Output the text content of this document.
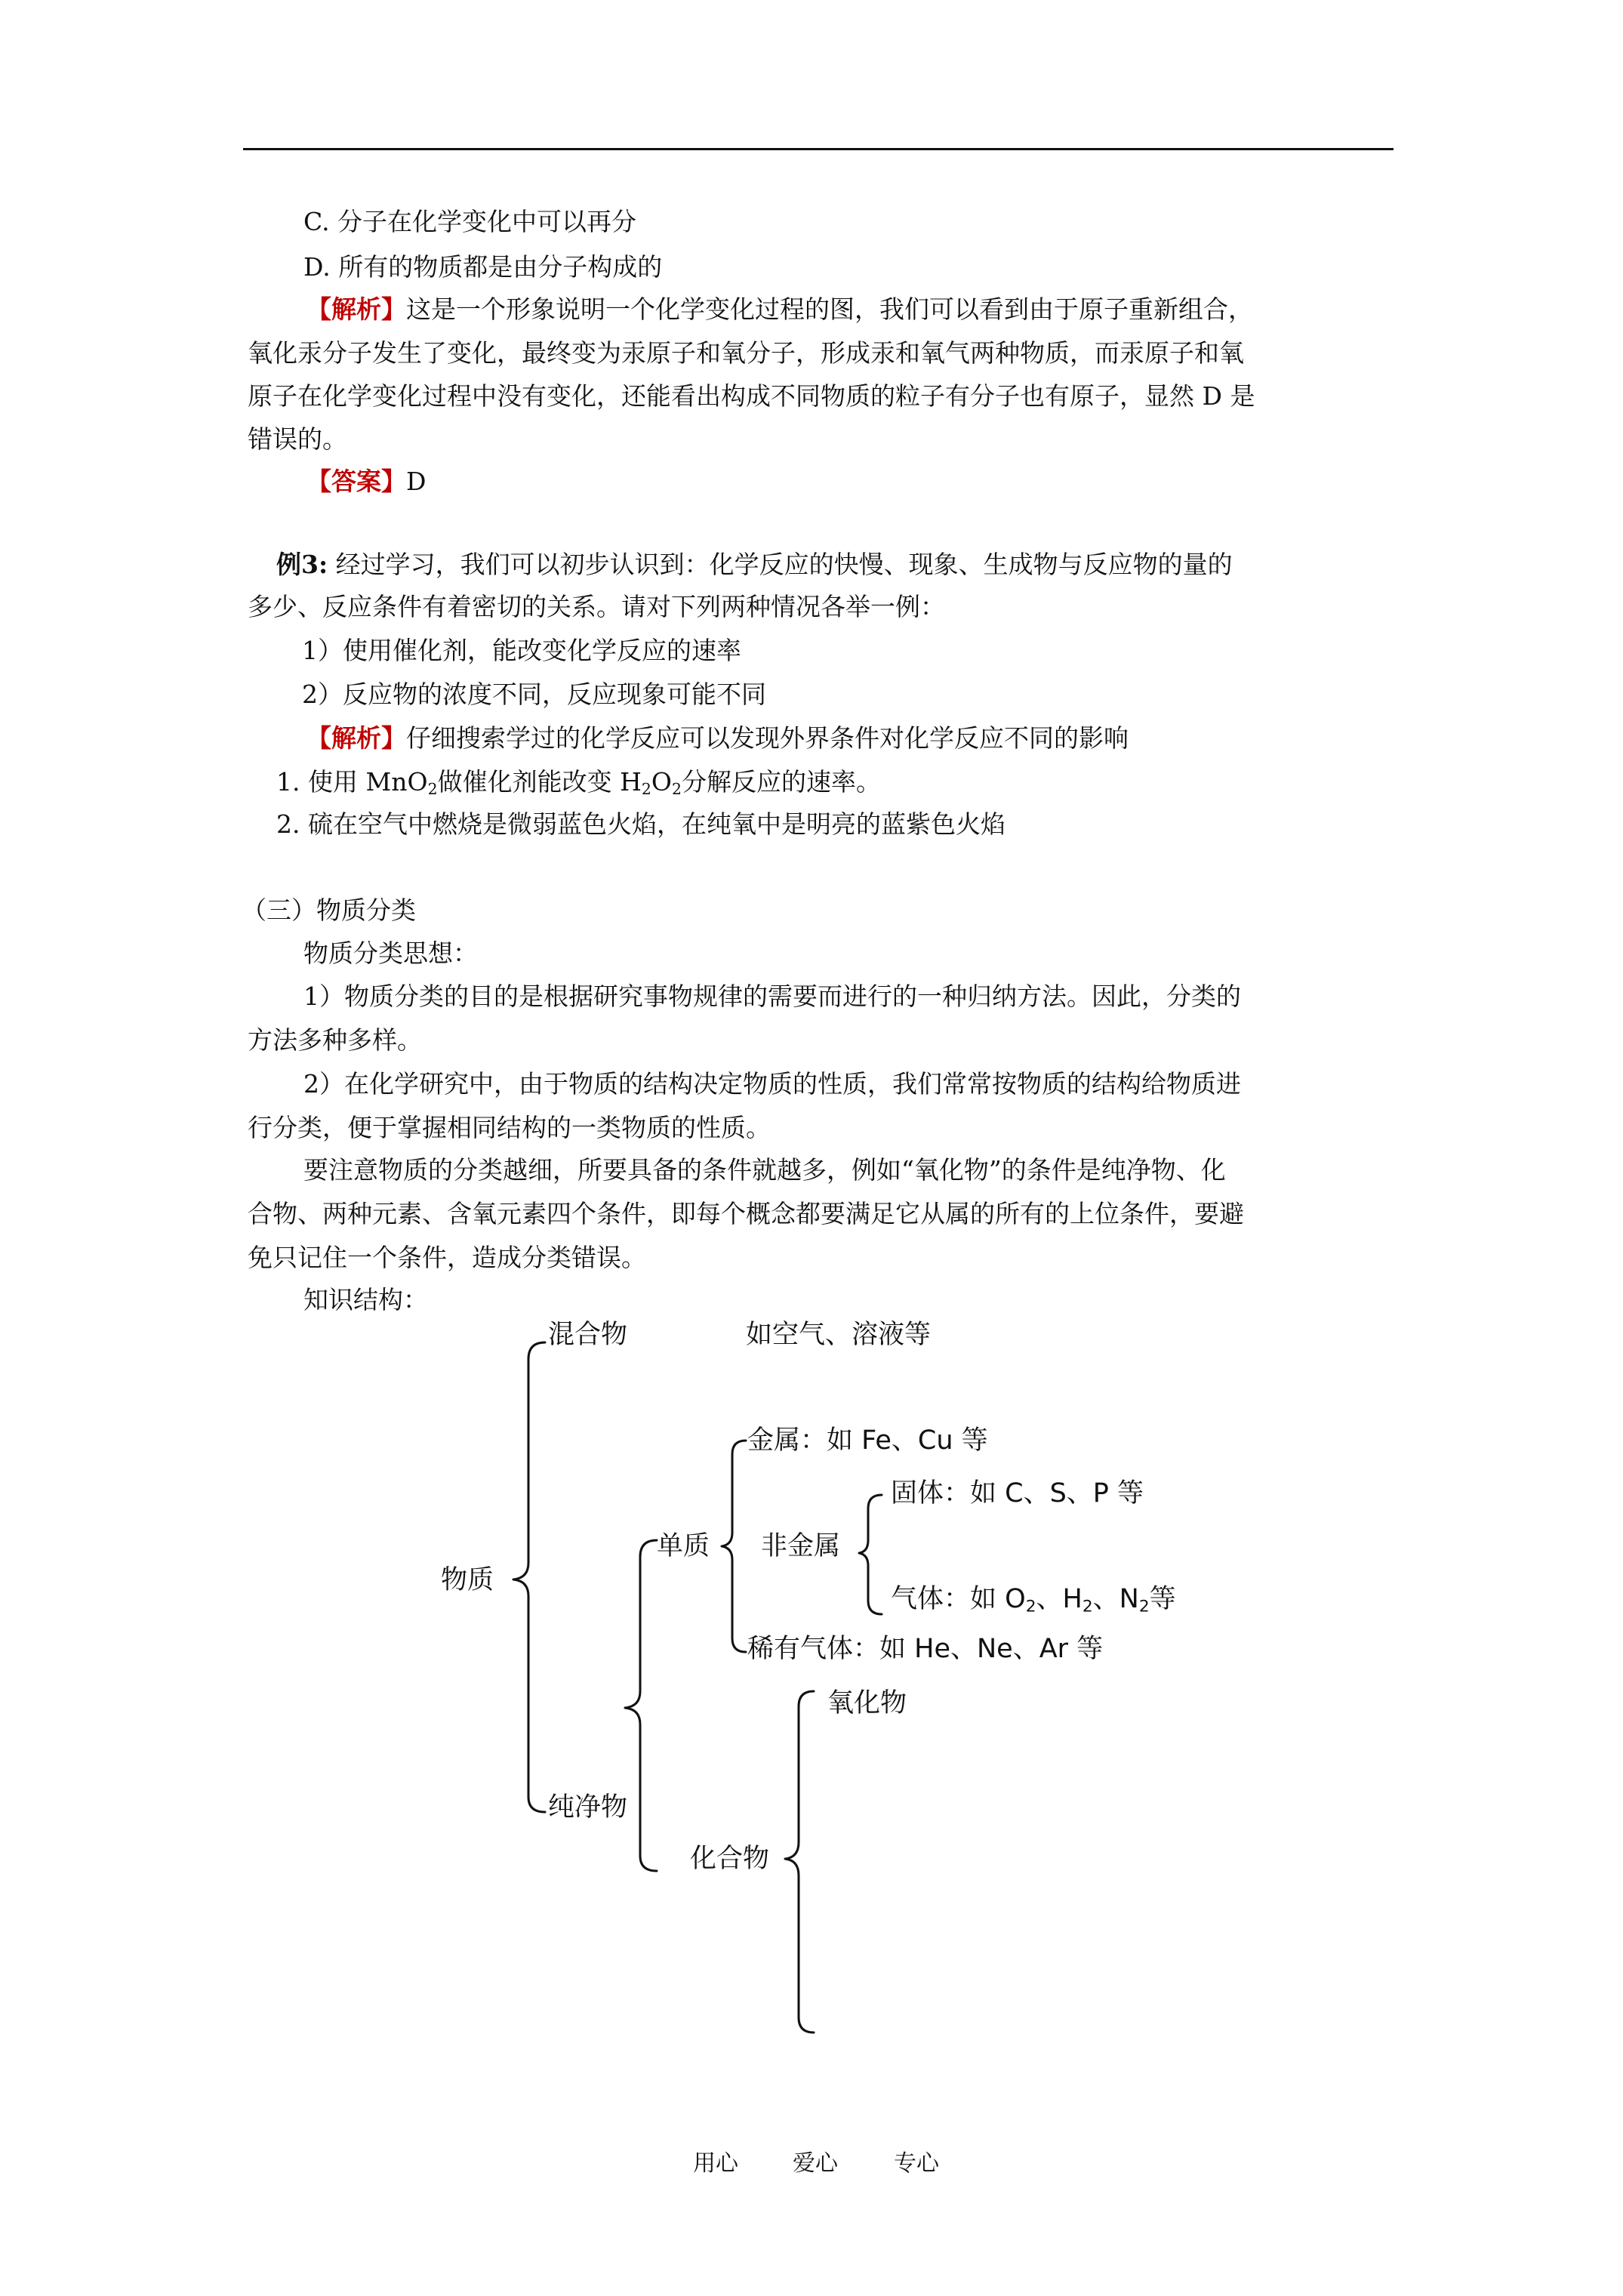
C. 分子在化学变化中可以再分
D. 所有的物质都是由分子构成的
【解析】这是一个形象说明一个化学变化过程的图，我们可以看到由于原子重新组合，
氧化汞分子发生了变化，最终变为汞原子和氧分子，形成汞和氧气两种物质，而汞原子和氧
原子在化学变化过程中没有变化，还能看出构成不同物质的粒子有分子也有原子，显然 D 是
错误的。
【答案】D
例3: 经过学习，我们可以初步认识到：化学反应的快慢、现象、生成物与反应物的量的
多少、反应条件有着密切的关系。请对下列两种情况各举一例：
1）使用催化剂，能改变化学反应的速率
2）反应物的浓度不同，反应现象可能不同
【解析】仔细搜索学过的化学反应可以发现外界条件对化学反应不同的影响
1. 使用 MnO$_2$做催化剂能改变 $H_2O_2$分解反应的速率。
2. 硫在空气中燃烧是微弱蓝色火焰，在纯氧中是明亮的蓝紫色火焰
（三）物质分类
物质分类思想：
1）物质分类的目的是根据研究事物规律的需要而进行的一种归纳方法。因此，分类的
方法多种多样。
2）在化学研究中，由于物质的结构决定物质的性质，我们常常按物质的结构给物质进
行分类，便于掌握相同结构的一类物质的性质。
要注意物质的分类越细，所要具备的条件就越多，例如“氧化物”的条件是纯净物、化
合物、两种元素、含氧元素四个条件，即每个概念都要满足它从属的所有的上位条件，要避
免只记住一个条件，造成分类错误。
知识结构：
物质
混合物	如空气、溶液等
纯净物
单质
金属：如 Fe、Cu 等
非金属
固体：如 C、S、P 等
气体：如 $O_2$、$H_2$、$N_2$等
稀有气体：如 He、Ne、Ar 等
化合物
氧化物
用心 爱心 专心
